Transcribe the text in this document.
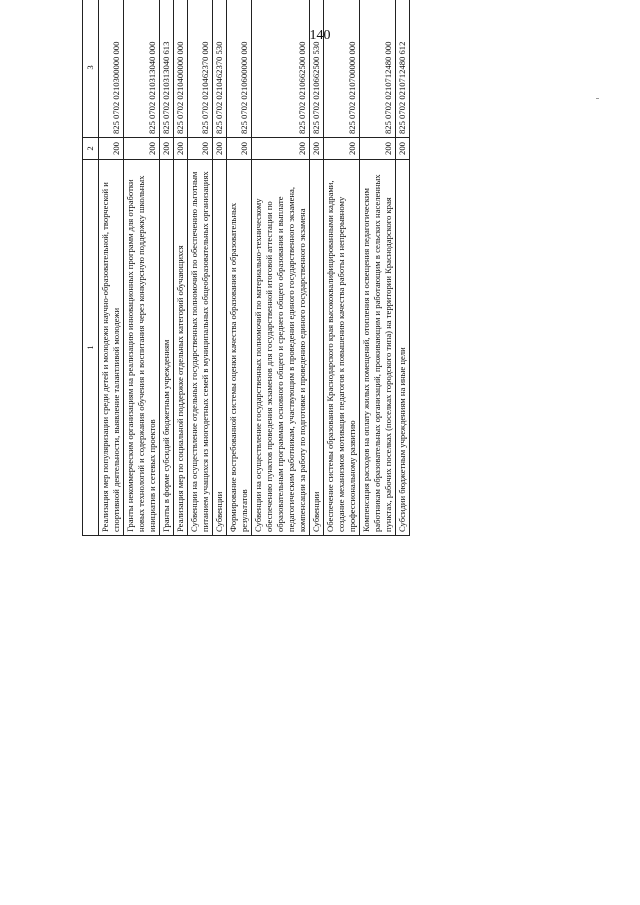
140
1	2	3			
Реализация мер популяризации среди детей и молодежи научно-образовательной, творческой и спортивной деятельности, выявление талантливой молодежи	200	825 0702 0210300000 000			
Гранты некоммерческим организациям на реализацию инновационных программ для отработки новых технологий и содержания обучения и воспитания через конкурсную поддержку школьных инициатив и сетевых проектов	200	825 0702 0210313040 000			
Гранты в форме субсидий бюджетным учреждениям	200	825 0702 0210313040 613			
Реализация мер по социальной поддержке отдельных категорий обучающихся	200	825 0702 0210400000 000			
Субвенции на осуществление отдельных государственных полномочий по обеспечению льготным питанием учащихся из многодетных семей в муниципальных общеобразовательных организациях	200	825 0702 0210462370 000			
Субвенции	200	825 0702 0210462370 530			
Формирование востребованной системы оценки качества образования и образовательных результатов	200	825 0702 0210600000 000			
Субвенции на осуществление государственных полномочий по материально-техническому обеспечению пунктов проведения экзаменов для государственной итоговой аттестации по образовательным программам основного общего и среднего общего образования и выплате педагогическим работникам, участвующим в проведении единого государственного экзамена, компенсации за работу по подготовке и проведению единого государственного экзамена	200	825 0702 0210662500 000			
Субвенции	200	825 0702 0210662500 530			
Обеспечение системы образования Краснодарского края высококвалифицированными кадрами, создание механизмов мотивации педагогов к повышению качества работы и непрерывному профессиональному развитию	200	825 0702 0210700000 000			
Компенсация расходов на оплату жилых помещений, отопления и освещения педагогическим работникам образовательных организаций, проживающим и работающим в сельских населенных пунктах, рабочих поселках (поселках городского типа) на территории Краснодарского края	200	825 0702 0210712480 000			
Субсидии бюджетным учреждениям на иные цели	200	825 0702 0210712480 612			
